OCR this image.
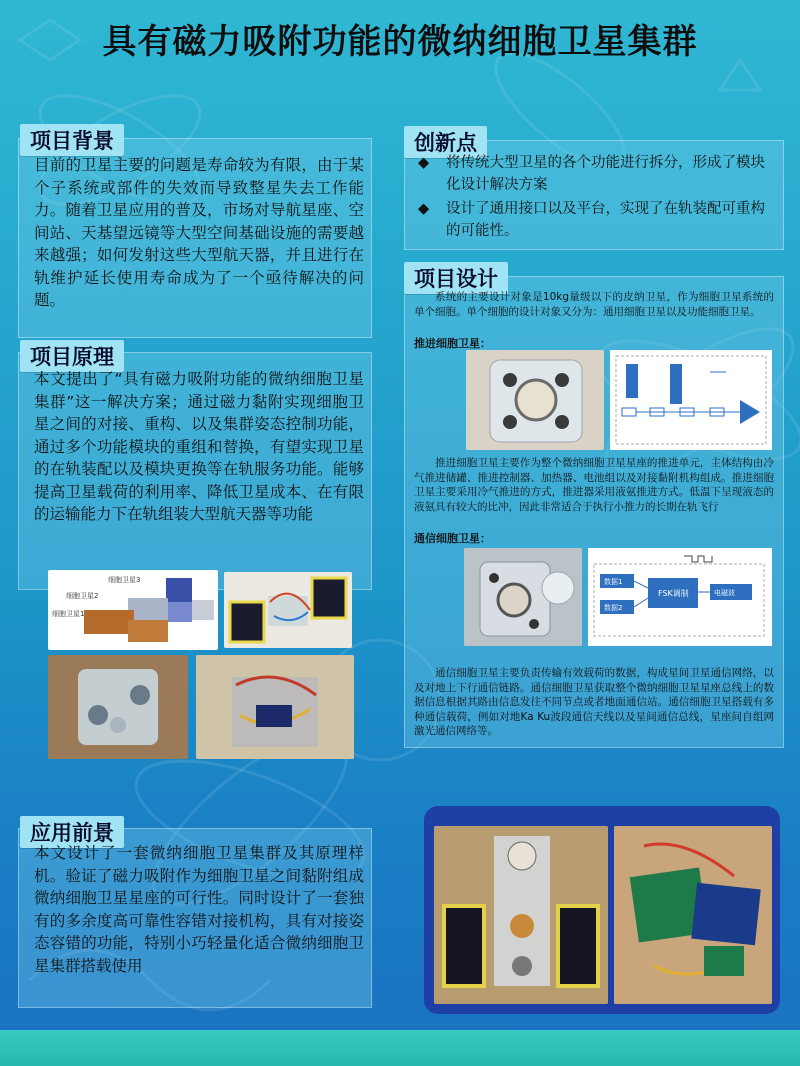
具有磁力吸附功能的微纳细胞卫星集群
项目背景
目前的卫星主要的问题是寿命较为有限，由于某个子系统或部件的失效而导致整星失去工作能力。随着卫星应用的普及，市场对导航星座、空间站、天基望远镜等大型空间基础设施的需要越来越强；如何发射这些大型航天器，并且进行在轨维护延长使用寿命成为了一个亟待解决的问题。
项目原理
本文提出了“具有磁力吸附功能的微纳细胞卫星集群”这一解决方案；通过磁力黏附实现细胞卫星之间的对接、重构、以及集群姿态控制功能，通过多个功能模块的重组和替换，有望实现卫星的在轨装配以及模块更换等在轨服务功能。能够提高卫星载荷的利用率、降低卫星成本、在有限的运输能力下在轨组装大型航天器等功能
细胞卫星3
细胞卫星2
细胞卫星1
创新点
◆ 将传统大型卫星的各个功能进行拆分，形成了模块化设计解决方案
◆ 设计了通用接口以及平台，实现了在轨装配可重构的可能性。
项目设计
系统的主要设计对象是10kg量级以下的皮纳卫星，作为细胞卫星系统的单个细胞。单个细胞的设计对象又分为：通用细胞卫星以及功能细胞卫星。
推进细胞卫星：
推进细胞卫星主要作为整个微纳细胞卫星星座的推进单元，主体结构由冷气推进储罐、推进控制器、加热器、电池组以及对接黏附机构组成。推进细胞卫星主要采用冷气推进的方式，推进器采用液氨推进方式。低温下呈现液态的液氨具有较大的比冲，因此非常适合于执行小推力的长期在轨飞行
通信细胞卫星：
数据1
数据2
FSK调制	电磁波
通信细胞卫星主要负责传输有效载荷的数据，构成星间卫星通信网络，以及对地上下行通信链路。通信细胞卫星获取整个微纳细胞卫星星座总线上的数据信息根据其路由信息发往不同节点或者地面通信站。通信细胞卫星搭载有多种通信载荷，例如对地Ka Ku波段通信天线以及星间通信总线，星座间自组网激光通信网络等。
应用前景
本文设计了一套微纳细胞卫星集群及其原理样机。验证了磁力吸附作为细胞卫星之间黏附组成微纳细胞卫星星座的可行性。同时设计了一套独有的多余度高可靠性容错对接机构，具有对接姿态容错的功能，特别小巧轻量化适合微纳细胞卫星集群搭载使用
